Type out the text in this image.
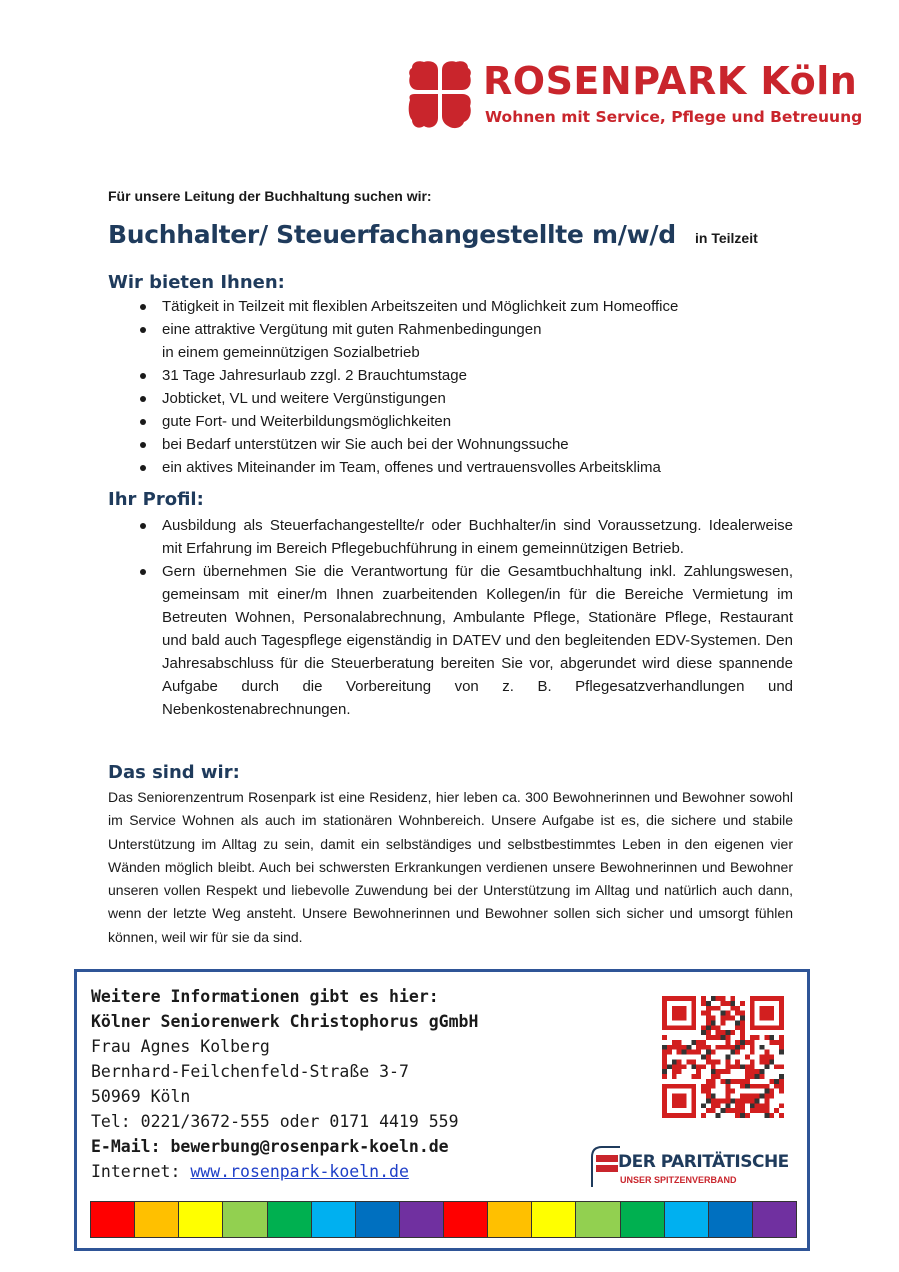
ROSENPARK Köln
Wohnen mit Service, Pflege und Betreuung
Für unsere Leitung der Buchhaltung suchen wir:
Buchhalter/ Steuerfachangestellte m/w/d in Teilzeit
Wir bieten Ihnen:
Tätigkeit in Teilzeit mit flexiblen Arbeitszeiten und Möglichkeit zum Homeoffice
eine attraktive Vergütung mit guten Rahmenbedingungen
in einem gemeinnützigen Sozialbetrieb
31 Tage Jahresurlaub zzgl. 2 Brauchtumstage
Jobticket, VL und weitere Vergünstigungen
gute Fort- und Weiterbildungsmöglichkeiten
bei Bedarf unterstützen wir Sie auch bei der Wohnungssuche
ein aktives Miteinander im Team, offenes und vertrauensvolles Arbeitsklima
Ihr Profil:
Ausbildung als Steuerfachangestellte/r oder Buchhalter/in sind Voraussetzung. Idealerweise mit Erfahrung im Bereich Pflegebuchführung in einem gemeinnützigen Betrieb.
Gern übernehmen Sie die Verantwortung für die Gesamtbuchhaltung inkl. Zahlungswesen, gemeinsam mit einer/m Ihnen zuarbeitenden Kollegen/in für die Bereiche Vermietung im Betreuten Wohnen, Personalabrechnung, Ambulante Pflege, Stationäre Pflege, Restaurant und bald auch Tagespflege eigenständig in DATEV und den begleitenden EDV-Systemen. Den Jahresabschluss für die Steuerberatung bereiten Sie vor, abgerundet wird diese spannende Aufgabe durch die Vorbereitung von z. B. Pflegesatzverhandlungen und Nebenkostenabrechnungen.
Das sind wir:
Das Seniorenzentrum Rosenpark ist eine Residenz, hier leben ca. 300 Bewohnerinnen und Bewohner sowohl im Service Wohnen als auch im stationären Wohnbereich. Unsere Aufgabe ist es, die sichere und stabile Unterstützung im Alltag zu sein, damit ein selbständiges und selbstbestimmtes Leben in den eigenen vier Wänden möglich bleibt. Auch bei schwersten Erkrankungen verdienen unsere Bewohnerinnen und Bewohner unseren vollen Respekt und liebevolle Zuwendung bei der Unterstützung im Alltag und natürlich auch dann, wenn der letzte Weg ansteht. Unsere Bewohnerinnen und Bewohner sollen sich sicher und umsorgt fühlen können, weil wir für sie da sind.
Weitere Informationen gibt es hier:
Kölner Seniorenwerk Christophorus gGmbH
Frau Agnes Kolberg
Bernhard-Feilchenfeld-Straße 3-7
50969 Köln
Tel: 0221/3672-555 oder 0171 4419 559
E-Mail: bewerbung@rosenpark-koeln.de
Internet: www.rosenpark-koeln.de	DER PARITÄTISCHE
UNSER SPITZENVERBAND
